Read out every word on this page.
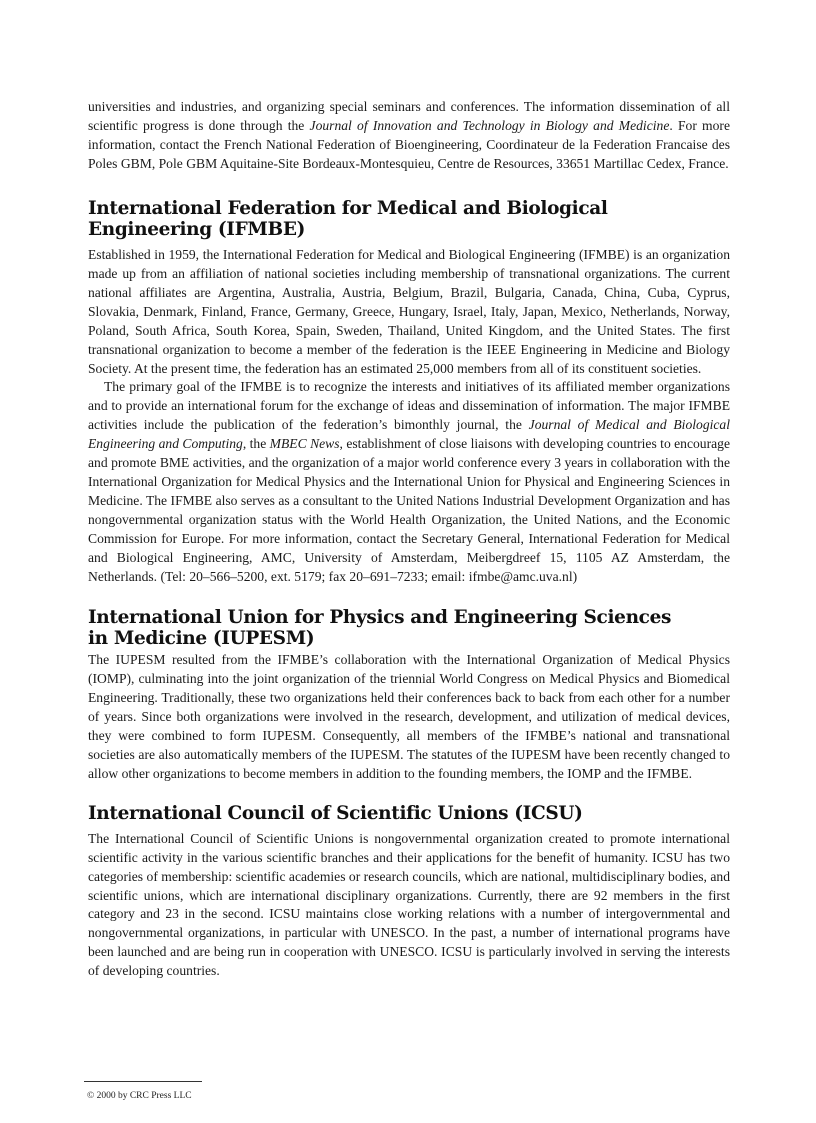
universities and industries, and organizing special seminars and conferences. The information dissemination of all scientific progress is done through the Journal of Innovation and Technology in Biology and Medicine. For more information, contact the French National Federation of Bioengineering, Coordinateur de la Federation Francaise des Poles GBM, Pole GBM Aquitaine-Site Bordeaux-Montesquieu, Centre de Resources, 33651 Martillac Cedex, France.

International Federation for Medical and Biological Engineering (IFMBE)

Established in 1959, the International Federation for Medical and Biological Engineering (IFMBE) is an organization made up from an affiliation of national societies including membership of transnational organizations. The current national affiliates are Argentina, Australia, Austria, Belgium, Brazil, Bulgaria, Canada, China, Cuba, Cyprus, Slovakia, Denmark, Finland, France, Germany, Greece, Hungary, Israel, Italy, Japan, Mexico, Netherlands, Norway, Poland, South Africa, South Korea, Spain, Sweden, Thailand, United Kingdom, and the United States. The first transnational organization to become a member of the federation is the IEEE Engineering in Medicine and Biology Society. At the present time, the federation has an estimated 25,000 members from all of its constituent societies.

The primary goal of the IFMBE is to recognize the interests and initiatives of its affiliated member organizations and to provide an international forum for the exchange of ideas and dissemination of information. The major IFMBE activities include the publication of the federation’s bimonthly journal, the Journal of Medical and Biological Engineering and Computing, the MBEC News, establishment of close liaisons with developing countries to encourage and promote BME activities, and the organization of a major world conference every 3 years in collaboration with the International Organization for Medical Physics and the International Union for Physical and Engineering Sciences in Medicine. The IFMBE also serves as a consultant to the United Nations Industrial Development Organization and has nongovernmental organization status with the World Health Organization, the United Nations, and the Economic Commission for Europe. For more information, contact the Secretary General, International Federation for Medical and Biological Engineering, AMC, University of Amsterdam, Meibergdreef 15, 1105 AZ Amsterdam, the Netherlands. (Tel: 20–566–5200, ext. 5179; fax 20–691–7233; email: ifmbe@amc.uva.nl)

International Union for Physics and Engineering Sciences
in Medicine (IUPESM)

The IUPESM resulted from the IFMBE’s collaboration with the International Organization of Medical Physics (IOMP), culminating into the joint organization of the triennial World Congress on Medical Physics and Biomedical Engineering. Traditionally, these two organizations held their conferences back to back from each other for a number of years. Since both organizations were involved in the research, development, and utilization of medical devices, they were combined to form IUPESM. Consequently, all members of the IFMBE’s national and transnational societies are also automatically members of the IUPESM. The statutes of the IUPESM have been recently changed to allow other organizations to become members in addition to the founding members, the IOMP and the IFMBE.

International Council of Scientific Unions (ICSU)

The International Council of Scientific Unions is nongovernmental organization created to promote international scientific activity in the various scientific branches and their applications for the benefit of humanity. ICSU has two categories of membership: scientific academies or research councils, which are national, multidisciplinary bodies, and scientific unions, which are international disciplinary organizations. Currently, there are 92 members in the first category and 23 in the second. ICSU maintains close working relations with a number of intergovernmental and nongovernmental organizations, in particular with UNESCO. In the past, a number of international programs have been launched and are being run in cooperation with UNESCO. ICSU is particularly involved in serving the interests of developing countries.

© 2000 by CRC Press LLC
